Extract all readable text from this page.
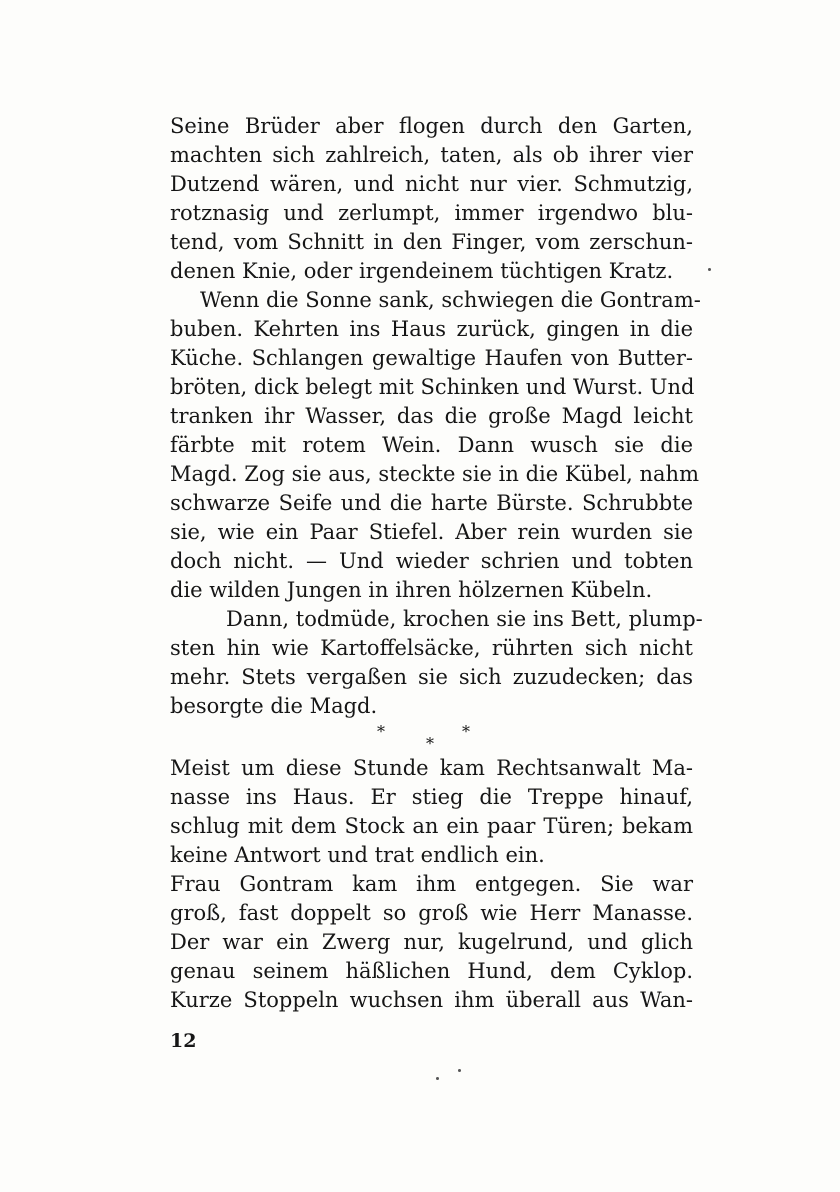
Seine Brüder aber flogen durch den Garten,
machten sich zahlreich, taten, als ob ihrer vier
Dutzend wären, und nicht nur vier. Schmutzig,
rotznasig und zerlumpt, immer irgendwo blu-
tend, vom Schnitt in den Finger, vom zerschun-
denen Knie, oder irgendeinem tüchtigen Kratz.
Wenn die Sonne sank, schwiegen die Gontram-
buben. Kehrten ins Haus zurück, gingen in die
Küche. Schlangen gewaltige Haufen von Butter-
bröten, dick belegt mit Schinken und Wurst. Und
tranken ihr Wasser, das die große Magd leicht
färbte mit rotem Wein. Dann wusch sie die
Magd. Zog sie aus, steckte sie in die Kübel, nahm
schwarze Seife und die harte Bürste. Schrubbte
sie, wie ein Paar Stiefel. Aber rein wurden sie
doch nicht. — Und wieder schrien und tobten
die wilden Jungen in ihren hölzernen Kübeln.
Dann, todmüde, krochen sie ins Bett, plump-
sten hin wie Kartoffelsäcke, rührten sich nicht
mehr. Stets vergaßen sie sich zuzudecken; das
besorgte die Magd.
*
*
*
Meist um diese Stunde kam Rechtsanwalt Ma-
nasse ins Haus. Er stieg die Treppe hinauf,
schlug mit dem Stock an ein paar Türen; bekam
keine Antwort und trat endlich ein.
Frau Gontram kam ihm entgegen. Sie war
groß, fast doppelt so groß wie Herr Manasse.
Der war ein Zwerg nur, kugelrund, und glich
genau seinem häßlichen Hund, dem Cyklop.
Kurze Stoppeln wuchsen ihm überall aus Wan-
12
